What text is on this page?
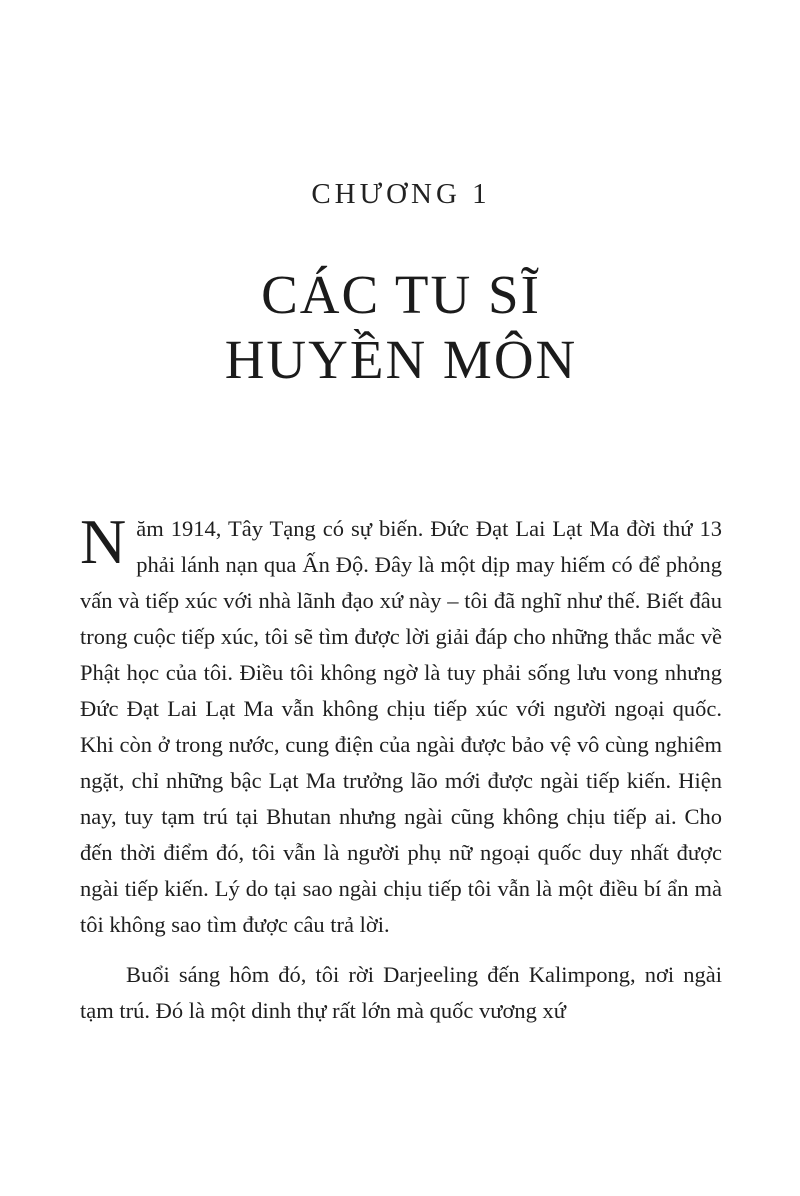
CHƯƠNG 1
CÁC TU SĨ
HUYỀN MÔN

Năm 1914, Tây Tạng có sự biến. Đức Đạt Lai Lạt Ma đời thứ 13 phải lánh nạn qua Ấn Độ. Đây là một dịp may hiếm có để phỏng vấn và tiếp xúc với nhà lãnh đạo xứ này – tôi đã nghĩ như thế. Biết đâu trong cuộc tiếp xúc, tôi sẽ tìm được lời giải đáp cho những thắc mắc về Phật học của tôi. Điều tôi không ngờ là tuy phải sống lưu vong nhưng Đức Đạt Lai Lạt Ma vẫn không chịu tiếp xúc với người ngoại quốc. Khi còn ở trong nước, cung điện của ngài được bảo vệ vô cùng nghiêm ngặt, chỉ những bậc Lạt Ma trưởng lão mới được ngài tiếp kiến. Hiện nay, tuy tạm trú tại Bhutan nhưng ngài cũng không chịu tiếp ai. Cho đến thời điểm đó, tôi vẫn là người phụ nữ ngoại quốc duy nhất được ngài tiếp kiến. Lý do tại sao ngài chịu tiếp tôi vẫn là một điều bí ẩn mà tôi không sao tìm được câu trả lời.

Buổi sáng hôm đó, tôi rời Darjeeling đến Kalimpong, nơi ngài tạm trú. Đó là một dinh thự rất lớn mà quốc vương xứ
